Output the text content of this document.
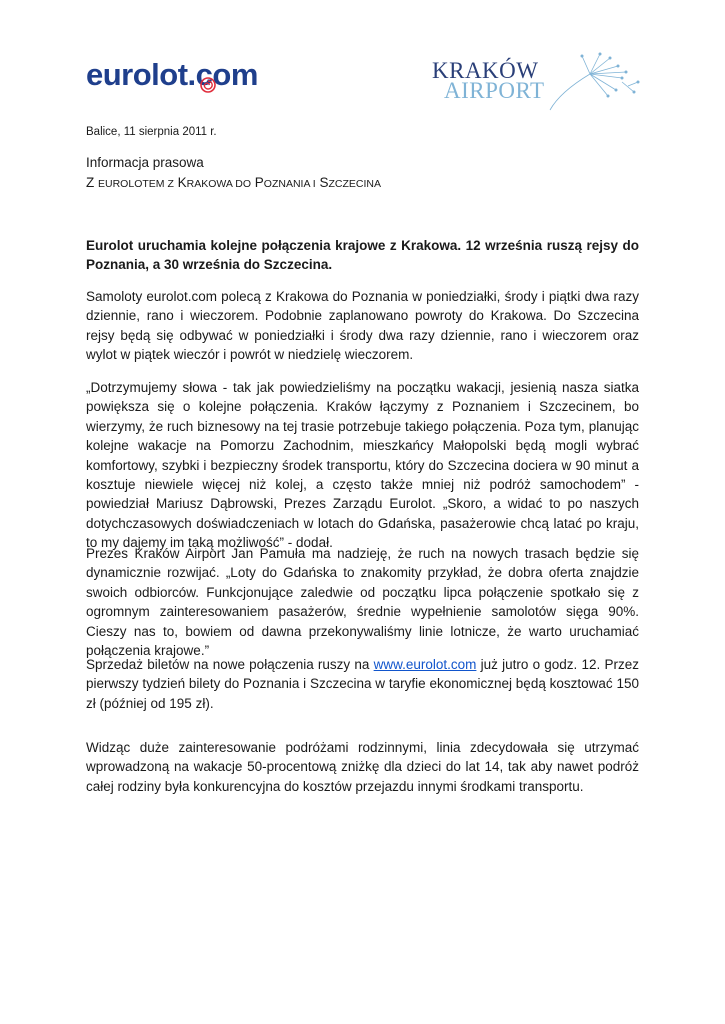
eurolot.com	KRAKÓW
AIRPORT
Balice, 11 sierpnia 2011 r.
Informacja prasowa
Z EUROLOTEM Z KRAKOWA DO POZNANIA I SZCZECINA
Eurolot uruchamia kolejne połączenia krajowe z Krakowa. 12 września ruszą rejsy do Poznania, a 30 września do Szczecina.
Samoloty eurolot.com polecą z Krakowa do Poznania w poniedziałki, środy i piątki dwa razy dziennie, rano i wieczorem. Podobnie zaplanowano powroty do Krakowa. Do Szczecina rejsy będą się odbywać w poniedziałki i środy dwa razy dziennie, rano i wieczorem oraz wylot w piątek wieczór i powrót w niedzielę wieczorem.
„Dotrzymujemy słowa - tak jak powiedzieliśmy na początku wakacji, jesienią nasza siatka powiększa się o kolejne połączenia. Kraków łączymy z Poznaniem i Szczecinem, bo wierzymy, że ruch biznesowy na tej trasie potrzebuje takiego połączenia. Poza tym, planując kolejne wakacje na Pomorzu Zachodnim, mieszkańcy Małopolski będą mogli wybrać komfortowy, szybki i bezpieczny środek transportu, który do Szczecina dociera w 90 minut a kosztuje niewiele więcej niż kolej, a często także mniej niż podróż samochodem” - powiedział Mariusz Dąbrowski, Prezes Zarządu Eurolot. „Skoro, a widać to po naszych dotychczasowych doświadczeniach w lotach do Gdańska, pasażerowie chcą latać po kraju, to my dajemy im taką możliwość” - dodał.
Prezes Kraków Airport Jan Pamuła ma nadzieję, że ruch na nowych trasach będzie się dynamicznie rozwijać. „Loty do Gdańska to znakomity przykład, że dobra oferta znajdzie swoich odbiorców. Funkcjonujące zaledwie od początku lipca połączenie spotkało się z ogromnym zainteresowaniem pasażerów, średnie wypełnienie samolotów sięga 90%. Cieszy nas to, bowiem od dawna przekonywaliśmy linie lotnicze, że warto uruchamiać połączenia krajowe.”
Sprzedaż biletów na nowe połączenia ruszy na www.eurolot.com już jutro o godz. 12. Przez pierwszy tydzień bilety do Poznania i Szczecina w taryfie ekonomicznej będą kosztować 150 zł (później od 195 zł).
Widząc duże zainteresowanie podróżami rodzinnymi, linia zdecydowała się utrzymać wprowadzoną na wakacje 50-procentową zniżkę dla dzieci do lat 14, tak aby nawet podróż całej rodziny była konkurencyjna do kosztów przejazdu innymi środkami transportu.
